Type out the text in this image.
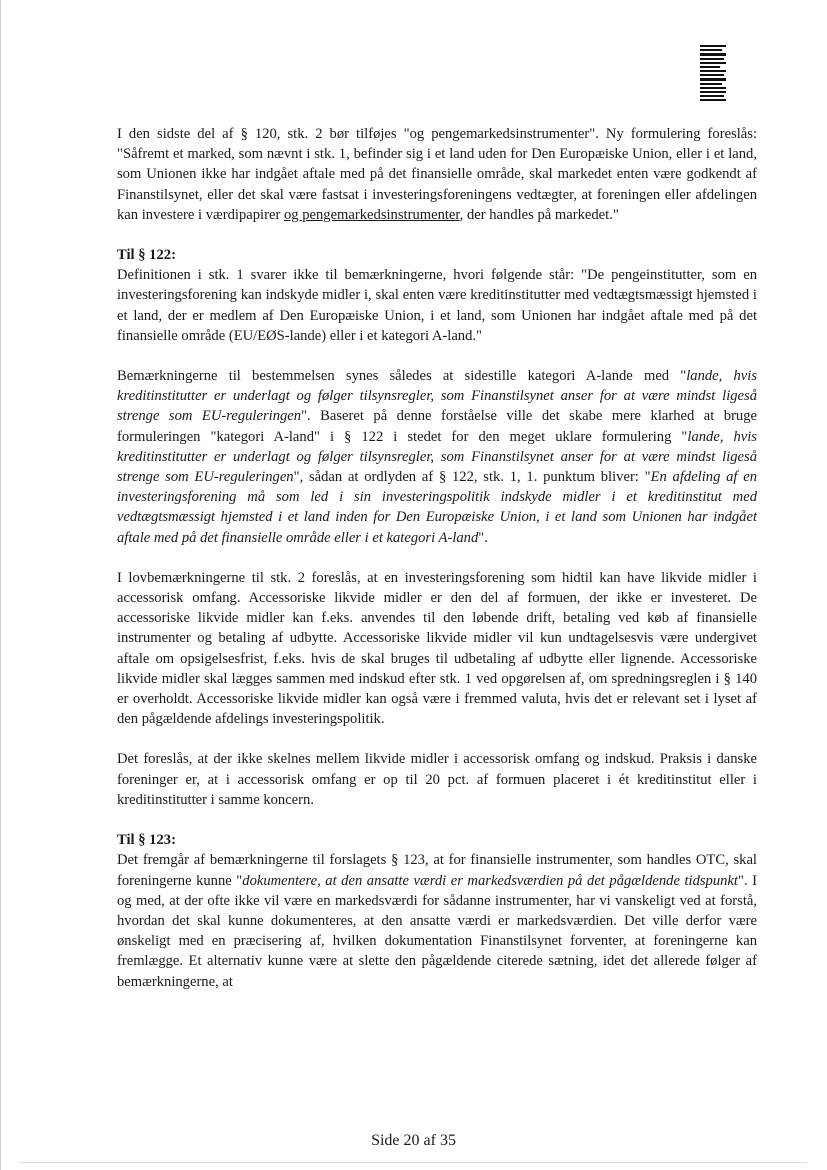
I den sidste del af § 120, stk. 2 bør tilføjes "og pengemarkedsinstrumenter". Ny formulering foreslås: "Såfremt et marked, som nævnt i stk. 1, befinder sig i et land uden for Den Europæiske Union, eller i et land, som Unionen ikke har indgået aftale med på det finansielle område, skal markedet enten være godkendt af Finanstilsynet, eller det skal være fastsat i investeringsforeningens vedtægter, at foreningen eller afdelingen kan investere i værdipapirer og pengemarkedsinstrumenter, der handles på markedet."

Til § 122:

Definitionen i stk. 1 svarer ikke til bemærkningerne, hvori følgende står: "De pengeinstitutter, som en investeringsforening kan indskyde midler i, skal enten være kreditinstitutter med vedtægtsmæssigt hjemsted i et land, der er medlem af Den Europæiske Union, i et land, som Unionen har indgået aftale med på det finansielle område (EU/EØS-lande) eller i et kategori A-land."

Bemærkningerne til bestemmelsen synes således at sidestille kategori A-lande med "lande, hvis kreditinstitutter er underlagt og følger tilsynsregler, som Finanstilsynet anser for at være mindst ligeså strenge som EU-reguleringen". Baseret på denne forståelse ville det skabe mere klarhed at bruge formuleringen "kategori A-land" i § 122 i stedet for den meget uklare formulering "lande, hvis kreditinstitutter er underlagt og følger tilsynsregler, som Finanstilsynet anser for at være mindst ligeså strenge som EU-reguleringen", sådan at ordlyden af § 122, stk. 1, 1. punktum bliver: "En afdeling af en investeringsforening må som led i sin investeringspolitik indskyde midler i et kreditinstitut med vedtægtsmæssigt hjemsted i et land inden for Den Europæiske Union, i et land som Unionen har indgået aftale med på det finansielle område eller i et kategori A-land".

I lovbemærkningerne til stk. 2 foreslås, at en investeringsforening som hidtil kan have likvide midler i accessorisk omfang. Accessoriske likvide midler er den del af formuen, der ikke er investeret. De accessoriske likvide midler kan f.eks. anvendes til den løbende drift, betaling ved køb af finansielle instrumenter og betaling af udbytte. Accessoriske likvide midler vil kun undtagelsesvis være undergivet aftale om opsigelsesfrist, f.eks. hvis de skal bruges til udbetaling af udbytte eller lignende. Accessoriske likvide midler skal lægges sammen med indskud efter stk. 1 ved opgørelsen af, om spredningsreglen i § 140 er overholdt. Accessoriske likvide midler kan også være i fremmed valuta, hvis det er relevant set i lyset af den pågældende afdelings investeringspolitik.

Det foreslås, at der ikke skelnes mellem likvide midler i accessorisk omfang og indskud. Praksis i danske foreninger er, at i accessorisk omfang er op til 20 pct. af formuen placeret i ét kreditinstitut eller i kreditinstitutter i samme koncern.

Til § 123:

Det fremgår af bemærkningerne til forslagets § 123, at for finansielle instrumenter, som handles OTC, skal foreningerne kunne "dokumentere, at den ansatte værdi er markedsværdien på det pågældende tidspunkt". I og med, at der ofte ikke vil være en markedsværdi for sådanne instrumenter, har vi vanskeligt ved at forstå, hvordan det skal kunne dokumenteres, at den ansatte værdi er markedsværdien. Det ville derfor være ønskeligt med en præcisering af, hvilken dokumentation Finanstilsynet forventer, at foreningerne kan fremlægge. Et alternativ kunne være at slette den pågældende citerede sætning, idet det allerede følger af bemærkningerne, at

Side 20 af 35
